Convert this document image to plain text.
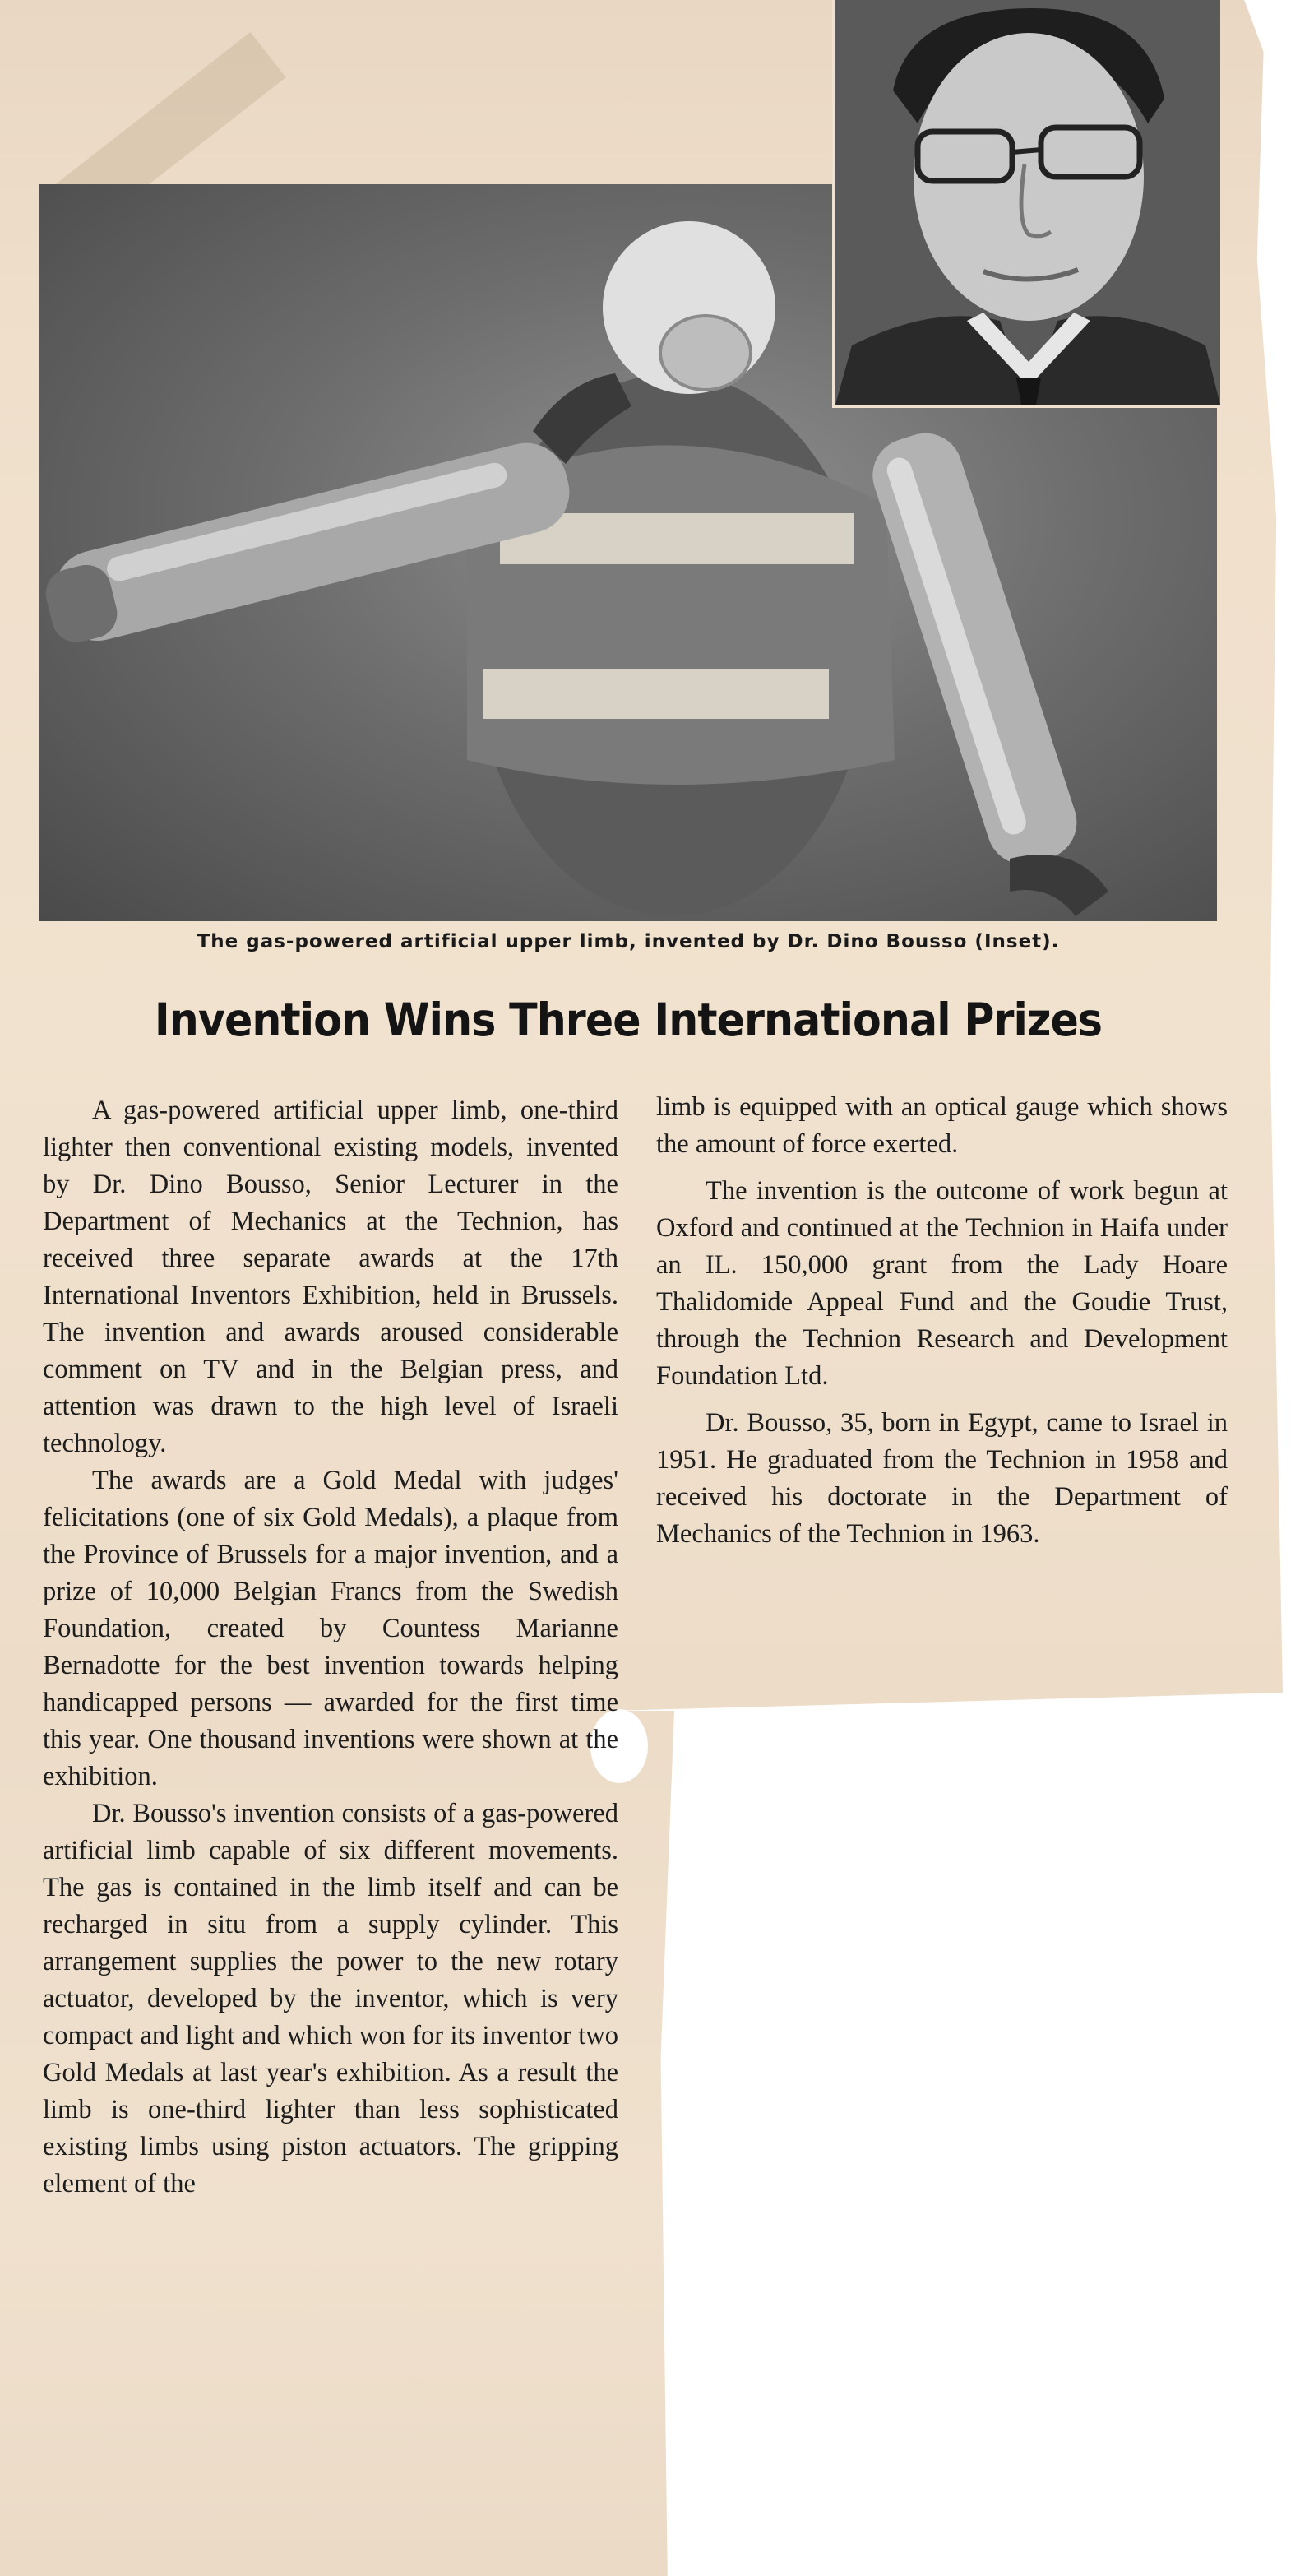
The gas-powered artificial upper limb, invented by Dr. Dino Bousso (Inset).
Invention Wins Three International Prizes

A gas-powered artificial upper limb, one-third lighter then conventional existing models, invented by Dr. Dino Bousso, Senior Lecturer in the Department of Mechanics at the Technion, has received three separate awards at the 17th International Inventors Exhibition, held in Brussels. The invention and awards aroused considerable comment on TV and in the Belgian press, and attention was drawn to the high level of Israeli technology.

The awards are a Gold Medal with judges' felicitations (one of six Gold Medals), a plaque from the Province of Brussels for a major invention, and a prize of 10,000 Belgian Francs from the Swedish Foundation, created by Countess Marianne Bernadotte for the best invention towards helping handicapped persons — awarded for the first time this year. One thousand inventions were shown at the exhibition.

Dr. Bousso's invention consists of a gas-powered artificial limb capable of six different movements. The gas is contained in the limb itself and can be recharged in situ from a supply cylinder. This arrangement supplies the power to the new rotary actuator, developed by the inventor, which is very compact and light and which won for its inventor two Gold Medals at last year's exhibition. As a result the limb is one-third lighter than less sophisticated existing limbs using piston actuators. The gripping element of the

limb is equipped with an optical gauge which shows the amount of force exerted.

The invention is the outcome of work begun at Oxford and continued at the Technion in Haifa under an IL. 150,000 grant from the Lady Hoare Thalidomide Appeal Fund and the Goudie Trust, through the Technion Research and Development Foundation Ltd.

Dr. Bousso, 35, born in Egypt, came to Israel in 1951. He graduated from the Technion in 1958 and received his doctorate in the Department of Mechanics of the Technion in 1963.
